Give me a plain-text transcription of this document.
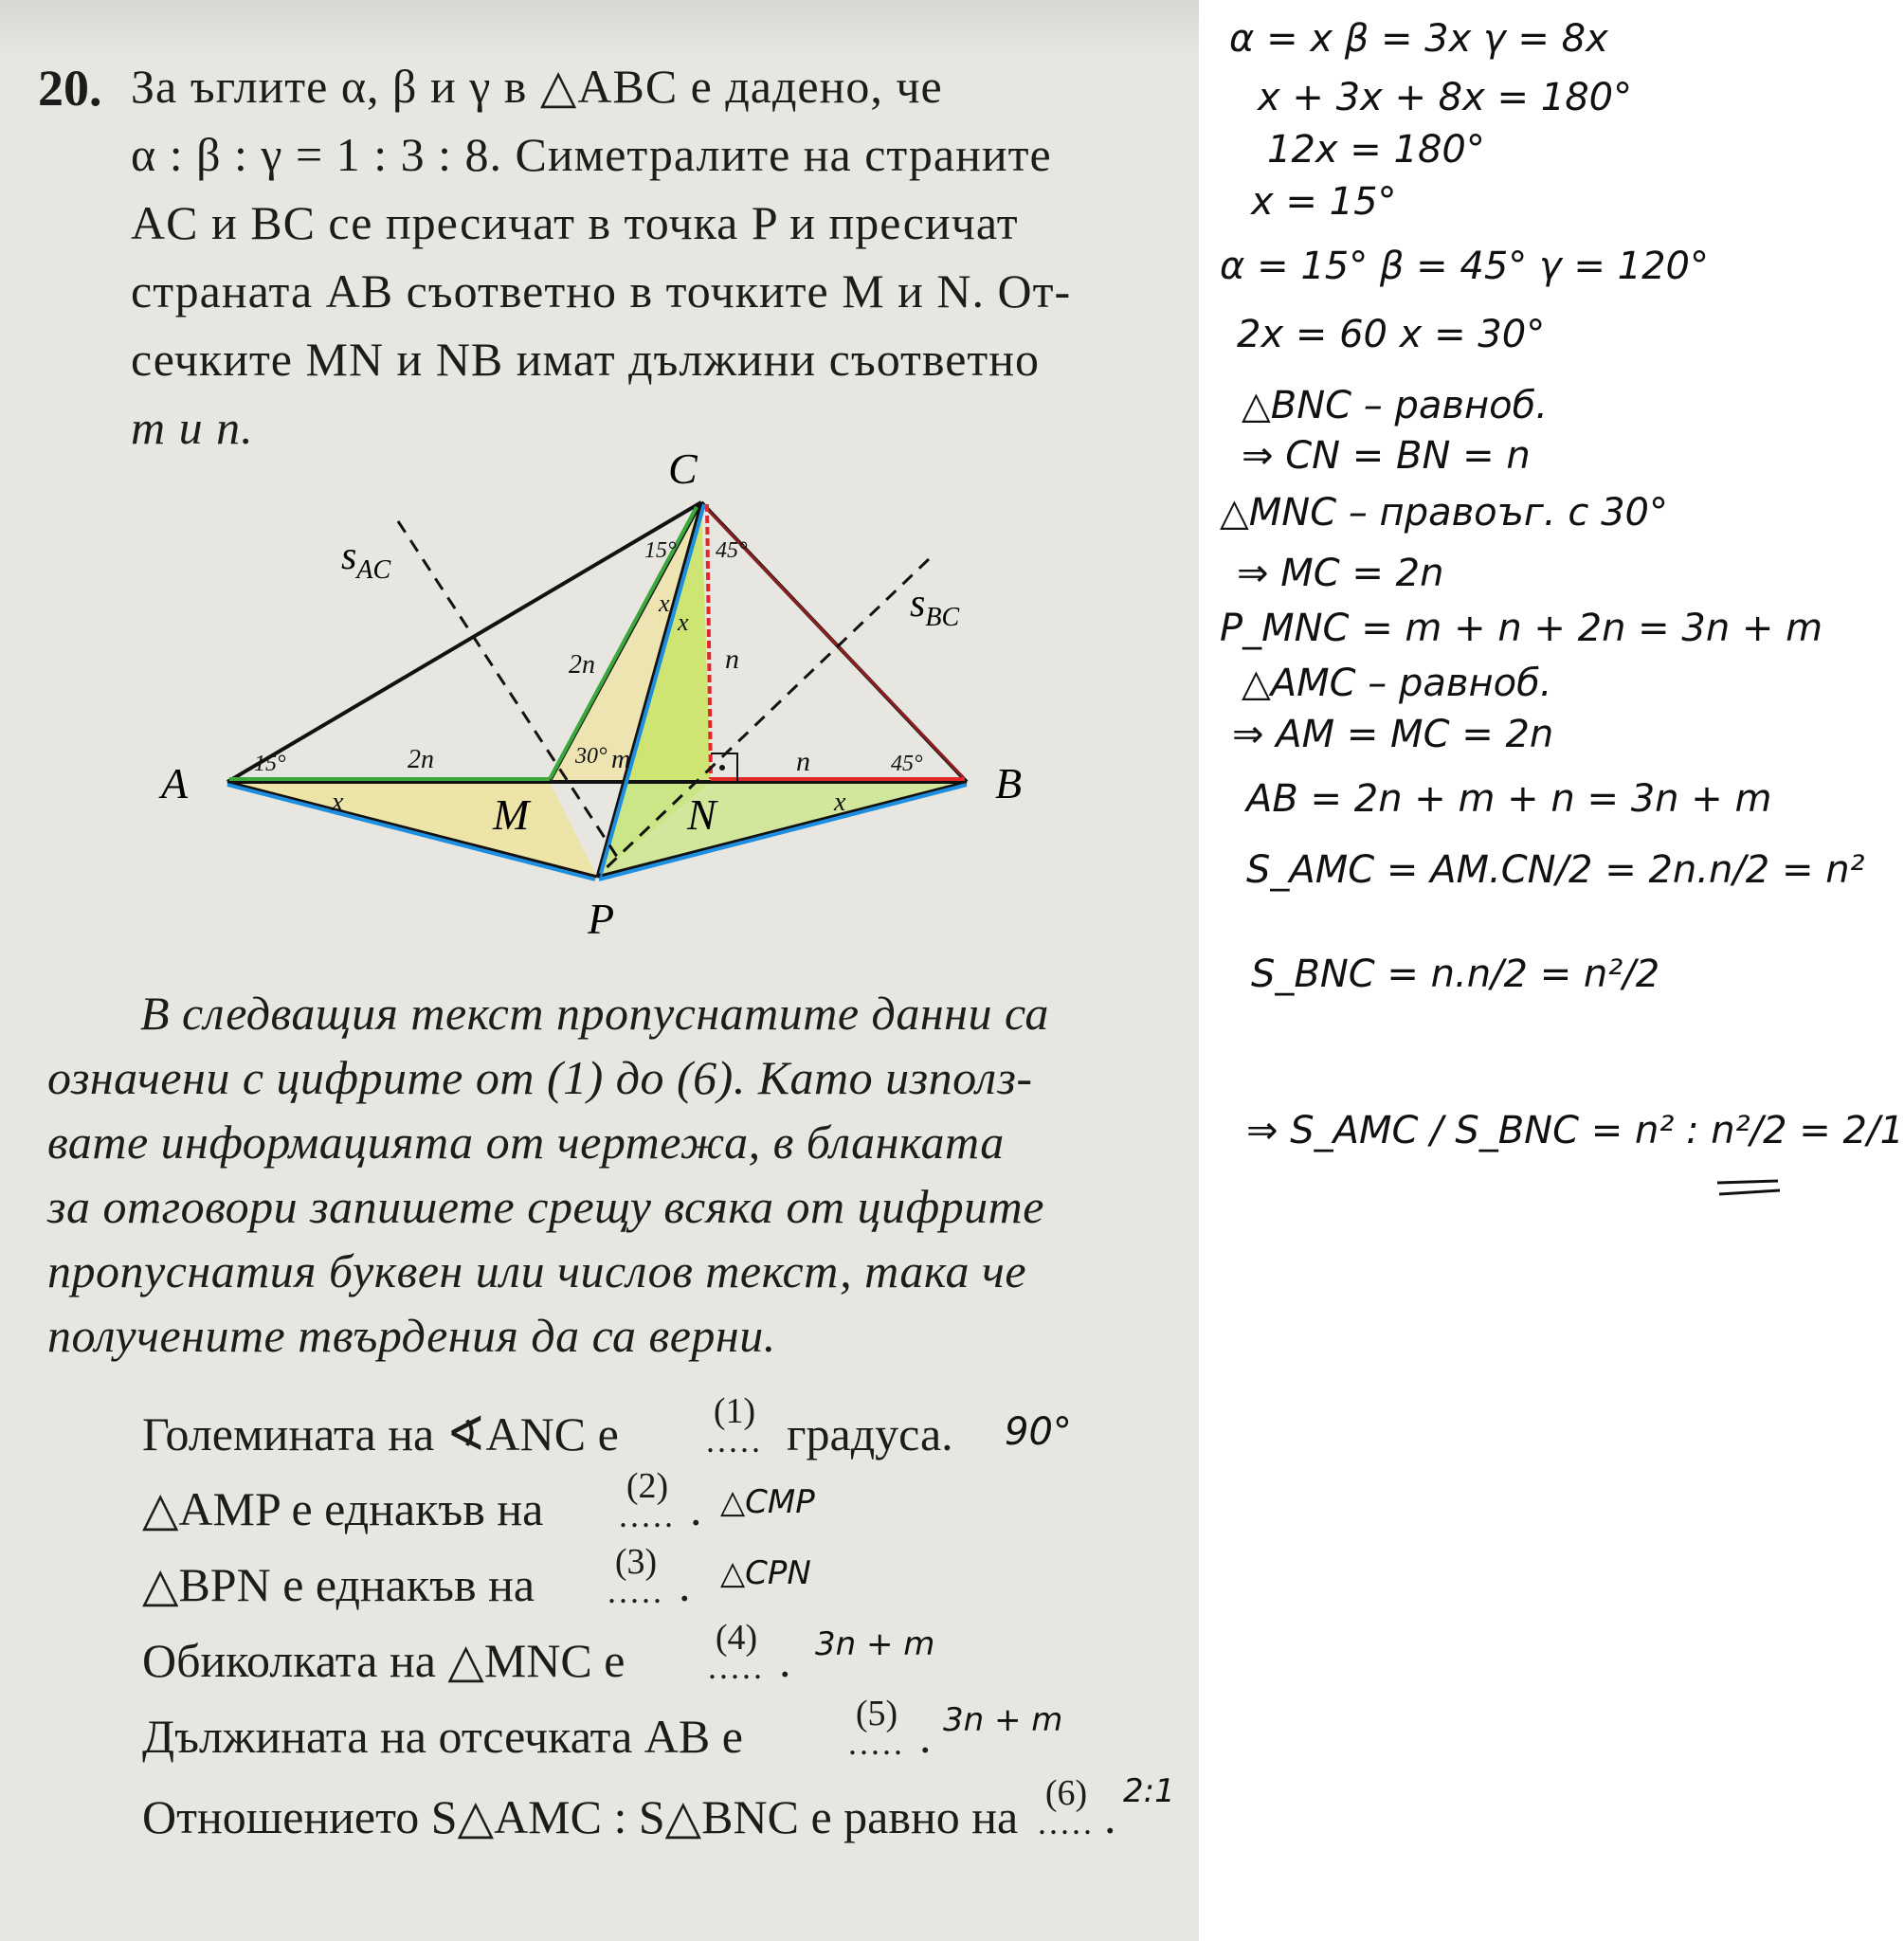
20. За ъглите α, β и γ в △ABC е дадено, че
α : β : γ = 1 : 3 : 8. Симетралите на страните
AC и BC се пресичат в точка P и пресичат
страната AB съответно в точките M и N. От-
сечките MN и NB имат дължини съответно
m и n.
A	B
C
M	N
P
$s_{AC}$
$s_{BC}$
15°	45°
15° 45°
30°
2n
2n
m	n
n
x	x
x
x
В следващия текст пропуснатите данни са
означени с цифрите от (1) до (6). Като използ-
вате информацията от чертежа, в бланката
за отговори запишете срещу всяка от цифрите
пропуснатия буквен или числов текст, така че
получените твърдения да са верни.
Големината на ∢ANC е	(1)
..... градуса. 90°
△AMP е еднакъв на	(2)
..... . △CMP
△BPN е еднакъв на	(3)
..... . △CPN
Обиколката на △MNC е	(4)
..... . 3n + m
Дължината на отсечката AB е	(5)
..... . 3n + m
Отношението S△AMC : S△BNC е равно на (6)
..... . 2:1
α = x β = 3x γ = 8x
x + 3x + 8x = 180°
12x = 180°
x = 15°
α = 15° β = 45° γ = 120°
2x = 60 x = 30°
△BNC – равноб.
⇒ CN = BN = n
△MNC – правоъг. с 30°
⇒ MC = 2n
P_MNC = m + n + 2n = 3n + m
△AMC – равноб.
⇒ AM = MC = 2n
AB = 2n + m + n = 3n + m
S_AMC = AM.CN/2 = 2n.n/2 = n²
S_BNC = n.n/2 = n²/2
⇒ S_AMC / S_BNC = n² : n²/2 = 2/1
